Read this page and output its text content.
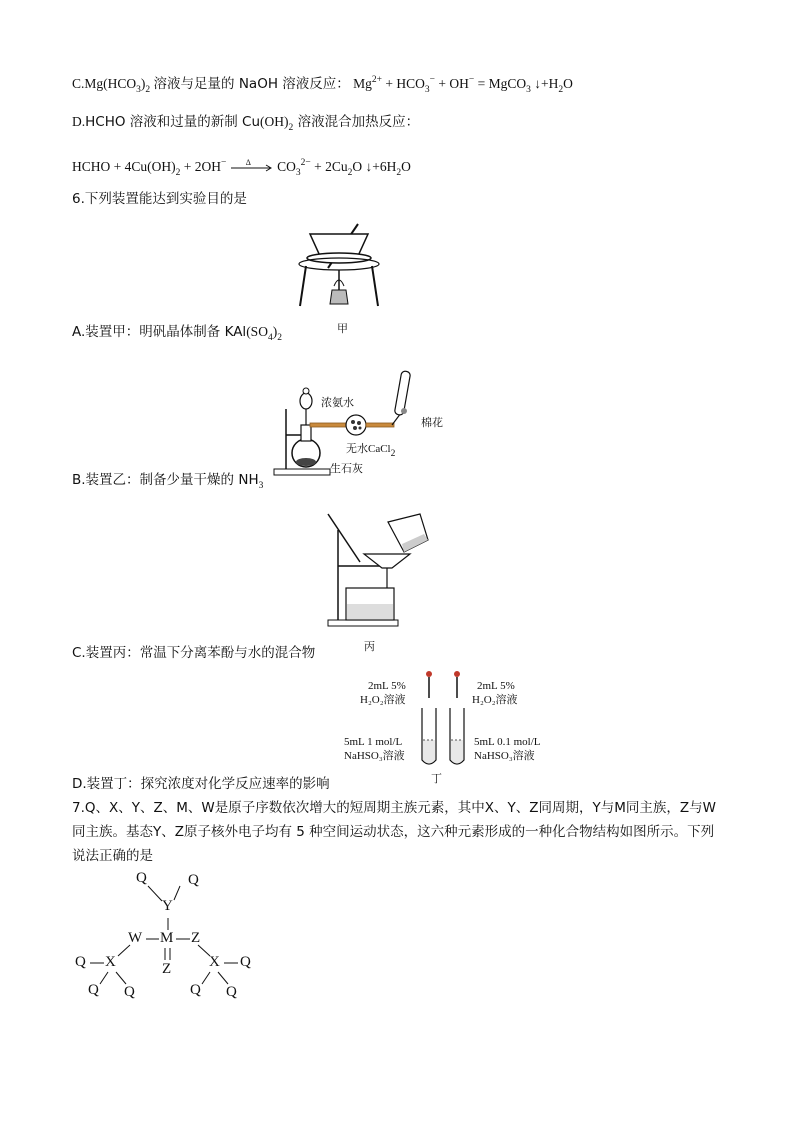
$C.Mg(HCO_3)_2$ 溶液与足量的 NaOH 溶液反应： $Mg^{2+} + HCO_3^- + OH^-$ = MgCO$_3$ $↓+H_2O$
D.HCHO 溶液和过量的新制 $Cu(OH)_2$ 溶液混合加热反应：
HCHO + $4Cu(OH)_2 + 2OH^-$ Δ $CO_3^{2-} + 2Cu_2O$ $↓+6H_2O$
6.下列装置能达到实验目的是
甲
A.装置甲：明矾晶体制备 $KAl(SO_4)_2$
浓氨水
棉花
无水CaCl2
生石灰
B.装置乙：制备少量干燥的 $NH_3$
丙
C.装置丙：常温下分离苯酚与水的混合物
2mL 5%
H₂O₂溶液
2mL 5%
H₂O₂溶液
5mL 1 mol/L
NaHSO₃溶液
5mL 0.1 mol/L
NaHSO₃溶液
丁
D.装置丁：探究浓度对化学反应速率的影响
7.Q、X、Y、Z、M、W是原子序数依次增大的短周期主族元素，其中X、Y、Z同周期，Y与M同主族，Z与W同主族。基态Y、Z原子核外电子均有 5 种空间运动状态，这六种元素形成的一种化合物结构如图所示。下列说法正确的是
Q	Q
Y
W M Z
Z
X	X
Q	Q
Q Q	Q Q
